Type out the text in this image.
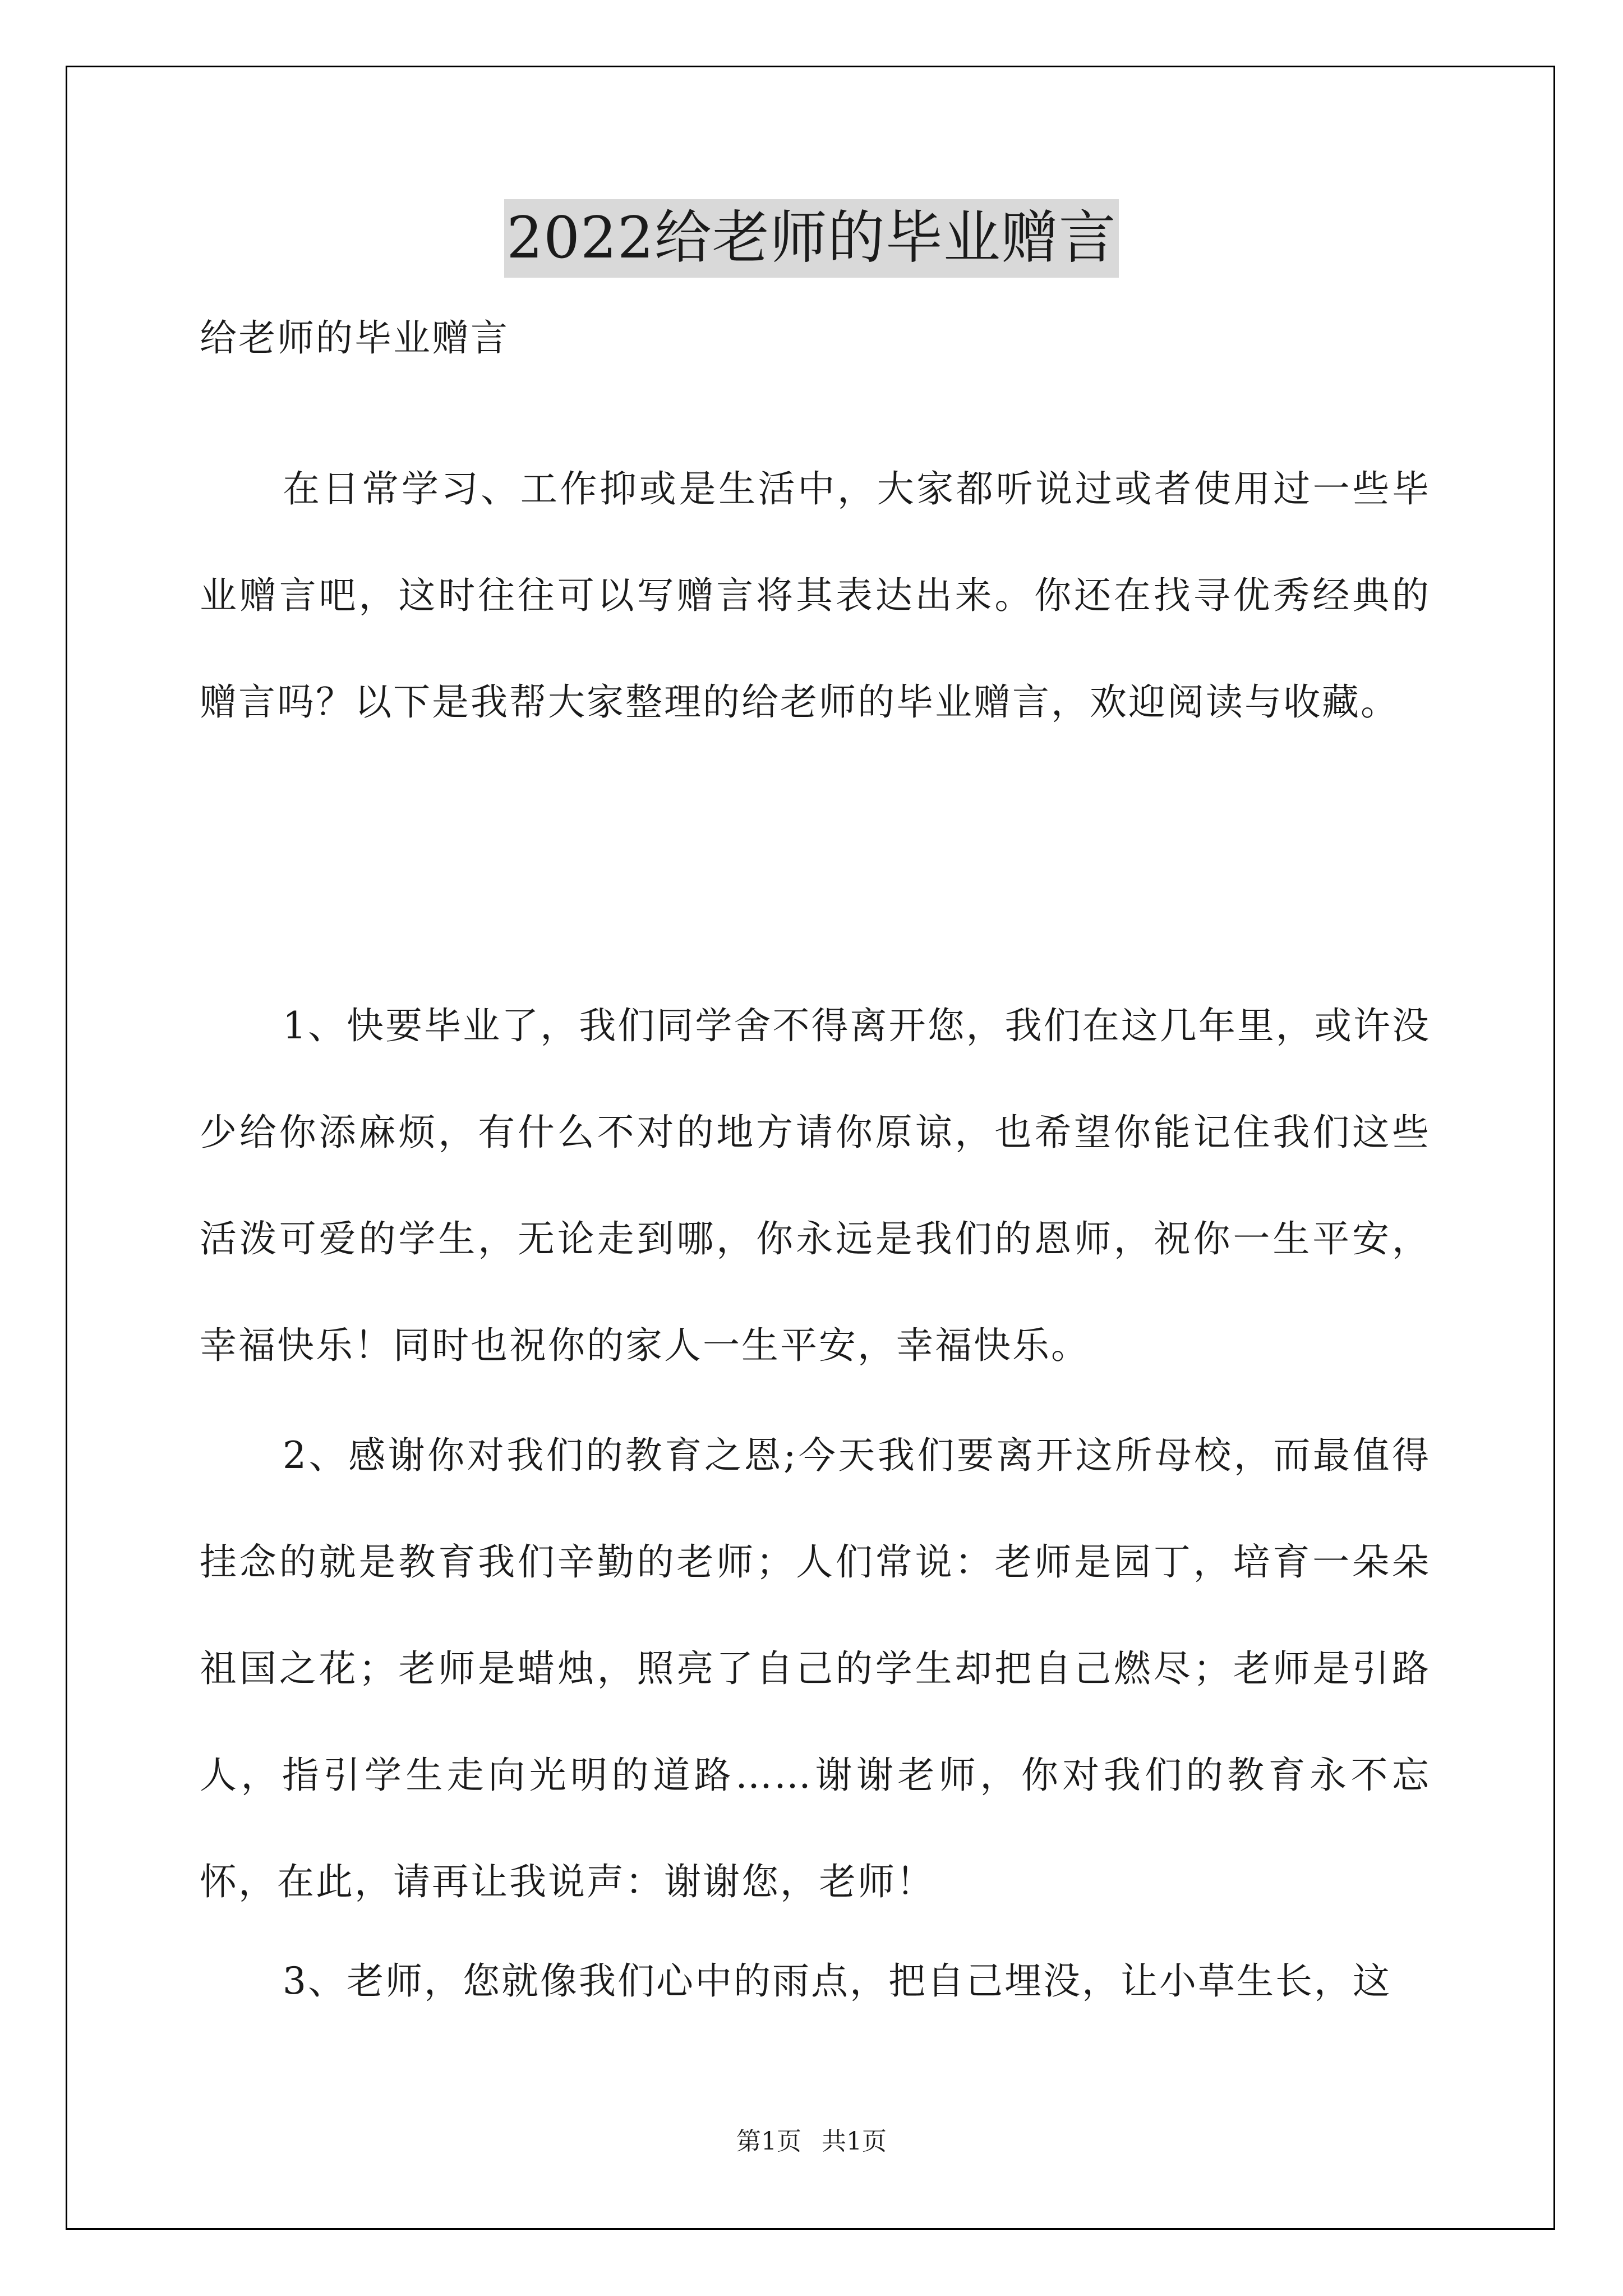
2022给老师的毕业赠言
给老师的毕业赠言

在日常学习、工作抑或是生活中，大家都听说过或者使用过一些毕业赠言吧，这时往往可以写赠言将其表达出来。你还在找寻优秀经典的赠言吗？以下是我帮大家整理的给老师的毕业赠言，欢迎阅读与收藏。

1、快要毕业了，我们同学舍不得离开您，我们在这几年里，或许没少给你添麻烦，有什么不对的地方请你原谅，也希望你能记住我们这些活泼可爱的学生，无论走到哪，你永远是我们的恩师，祝你一生平安，幸福快乐！同时也祝你的家人一生平安，幸福快乐。

2、感谢你对我们的教育之恩;今天我们要离开这所母校，而最值得挂念的就是教育我们辛勤的老师；人们常说：老师是园丁，培育一朵朵祖国之花；老师是蜡烛，照亮了自己的学生却把自己燃尽；老师是引路人，指引学生走向光明的道路……谢谢老师，你对我们的教育永不忘怀，在此，请再让我说声：谢谢您，老师！

3、老师，您就像我们心中的雨点，把自己埋没，让小草生长，这

第1页 共1页
